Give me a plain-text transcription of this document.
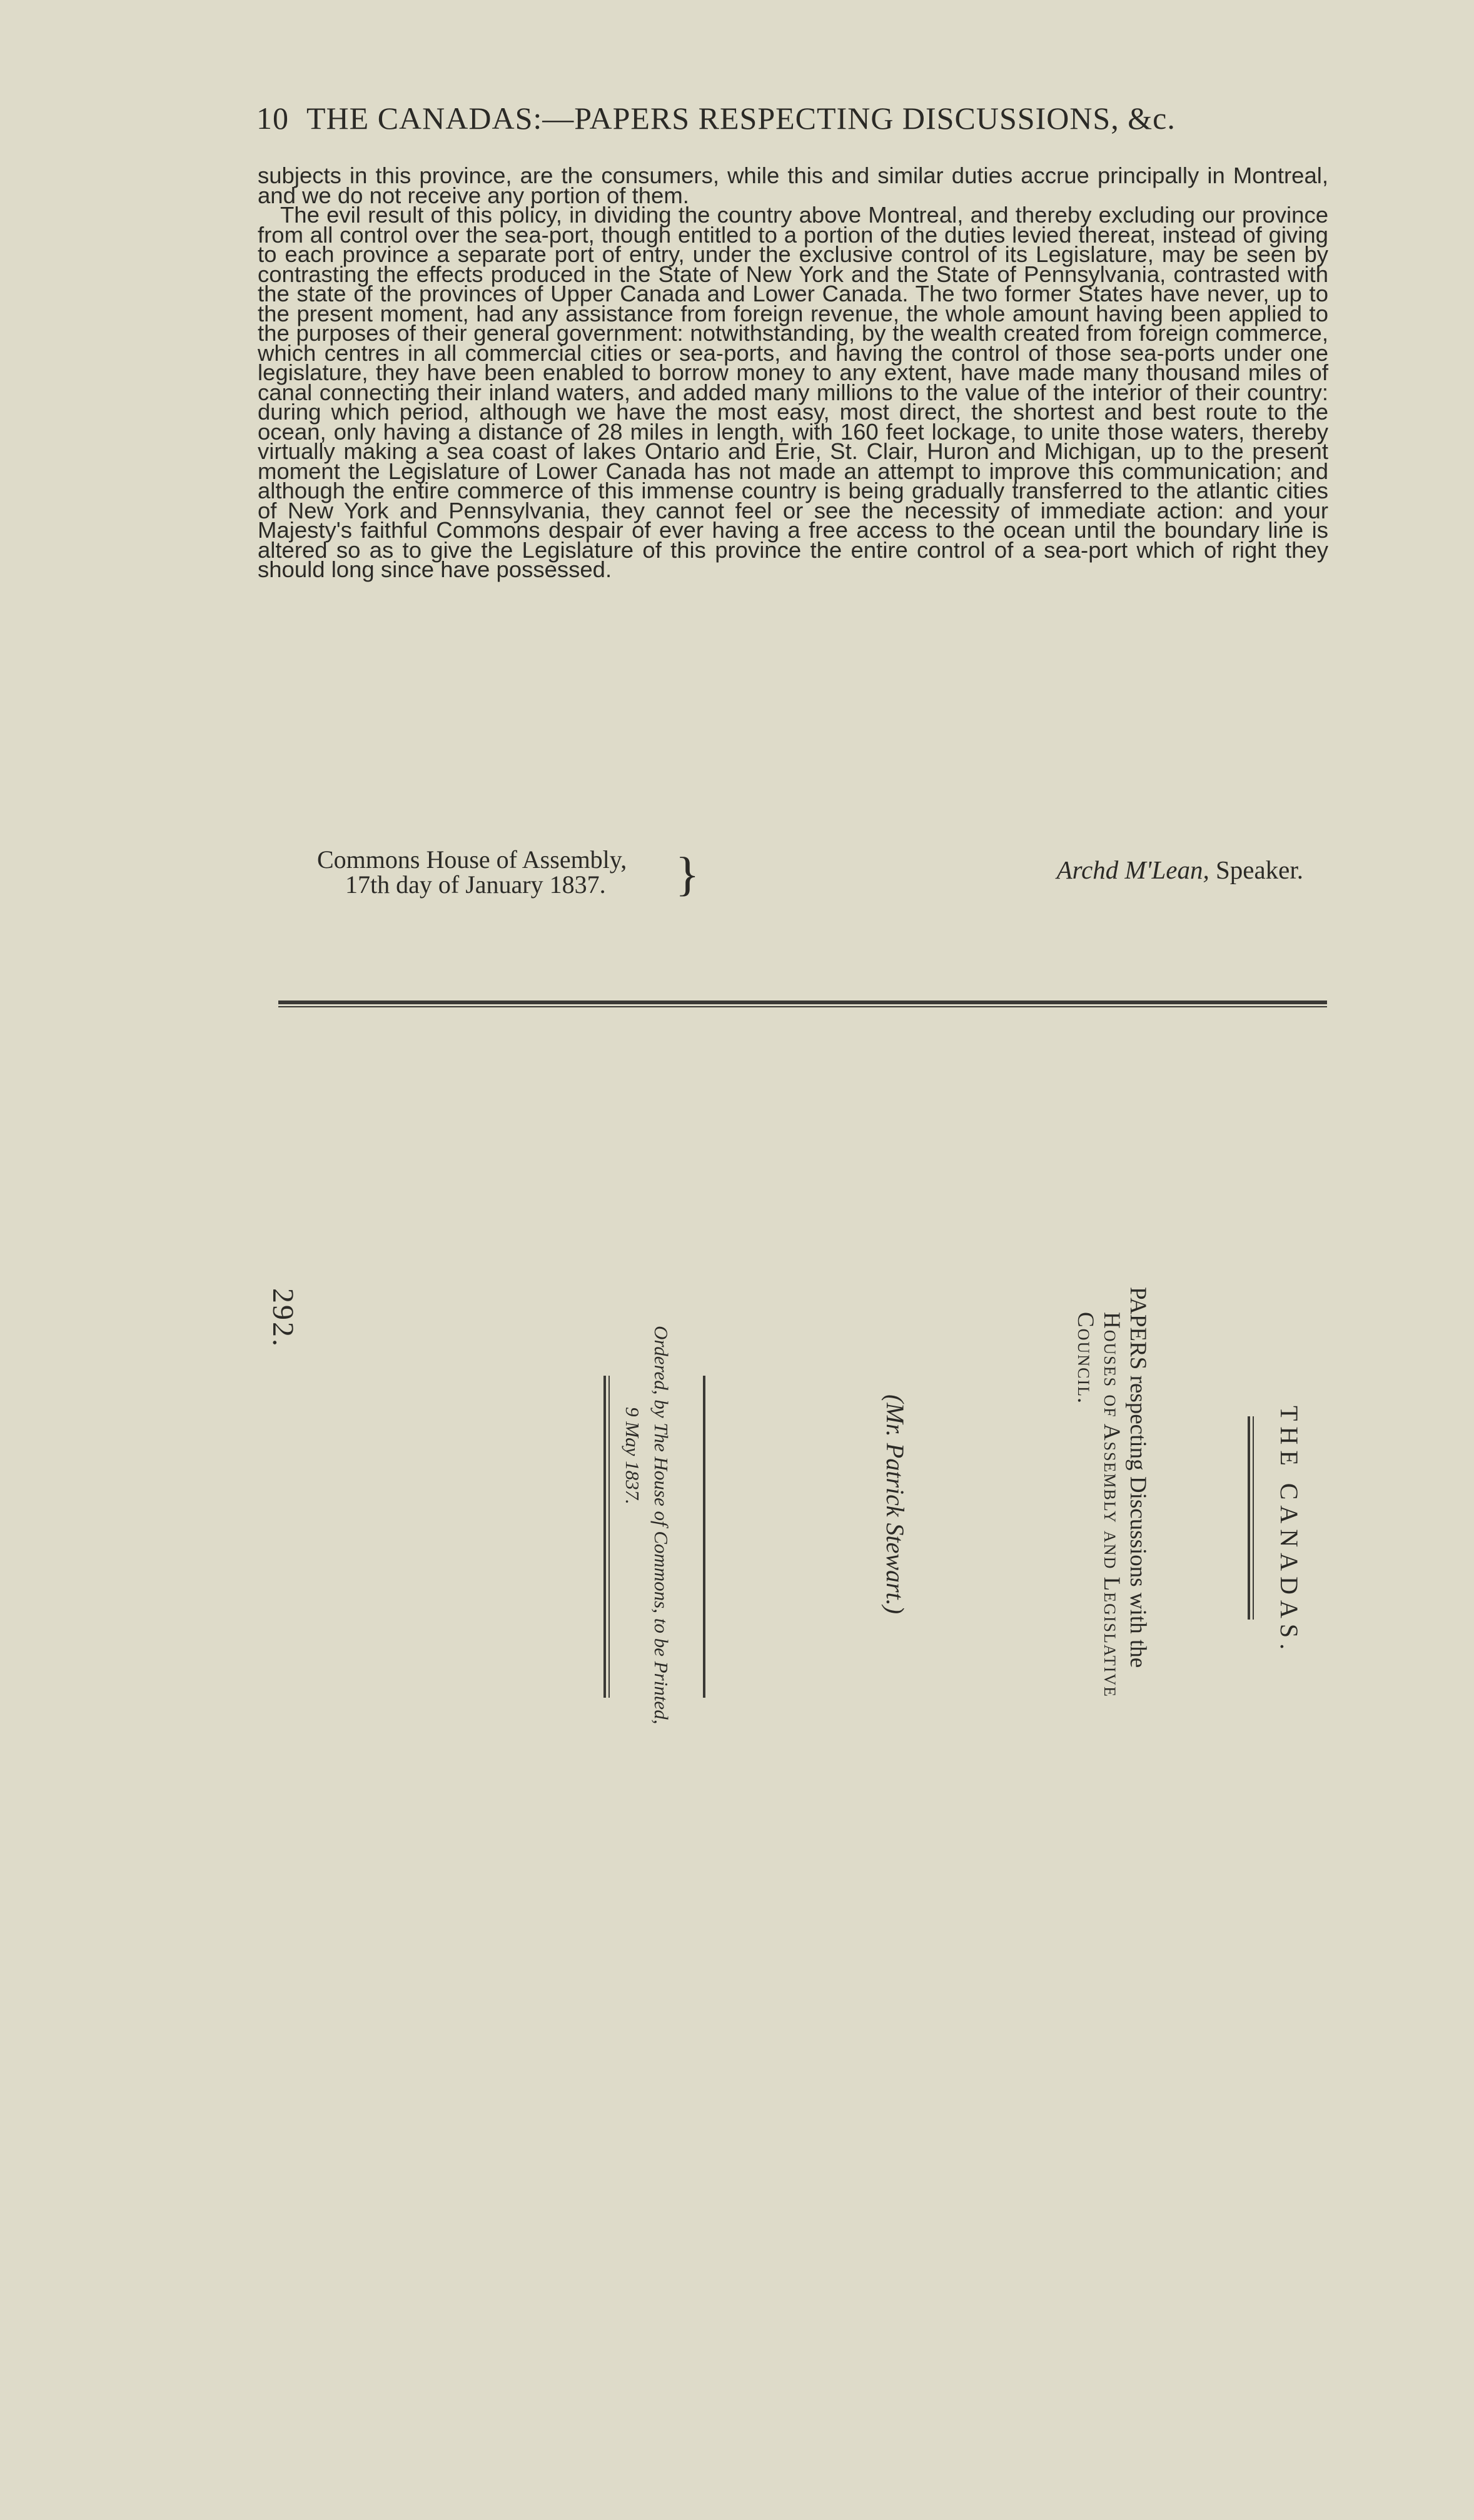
10 THE CANADAS:—PAPERS RESPECTING DISCUSSIONS, &c.

subjects in this province, are the consumers, while this and similar duties accrue principally in Montreal, and we do not receive any portion of them.

The evil result of this policy, in dividing the country above Montreal, and thereby excluding our province from all control over the sea-port, though entitled to a portion of the duties levied thereat, instead of giving to each province a separate port of entry, under the exclusive control of its Legislature, may be seen by contrasting the effects produced in the State of New York and the State of Pennsylvania, contrasted with the state of the provinces of Upper Canada and Lower Canada. The two former States have never, up to the present moment, had any assistance from foreign revenue, the whole amount having been applied to the purposes of their general government: notwithstanding, by the wealth created from foreign commerce, which centres in all commercial cities or sea-ports, and having the control of those sea-ports under one legislature, they have been enabled to borrow money to any extent, have made many thousand miles of canal connecting their inland waters, and added many millions to the value of the interior of their country: during which period, although we have the most easy, most direct, the shortest and best route to the ocean, only having a distance of 28 miles in length, with 160 feet lockage, to unite those waters, thereby virtually making a sea coast of lakes Ontario and Erie, St. Clair, Huron and Michigan, up to the present moment the Legislature of Lower Canada has not made an attempt to improve this communication; and although the entire commerce of this immense country is being gradually transferred to the atlantic cities of New York and Pennsylvania, they cannot feel or see the necessity of immediate action: and your Majesty's faithful Commons despair of ever having a free access to the ocean until the boundary line is altered so as to give the Legislature of this province the entire control of a sea-port which of right they should long since have possessed.

Commons House of Assembly,
17th day of January 1837.	}	Archd M'Lean, Speaker.
THE CANADAS.
PAPERS respecting Discussions with the
Houses of Assembly and Legislative
Council.
(Mr. Patrick Stewart.)
Ordered, by The House of Commons, to be Printed,
9 May 1837.
292.
